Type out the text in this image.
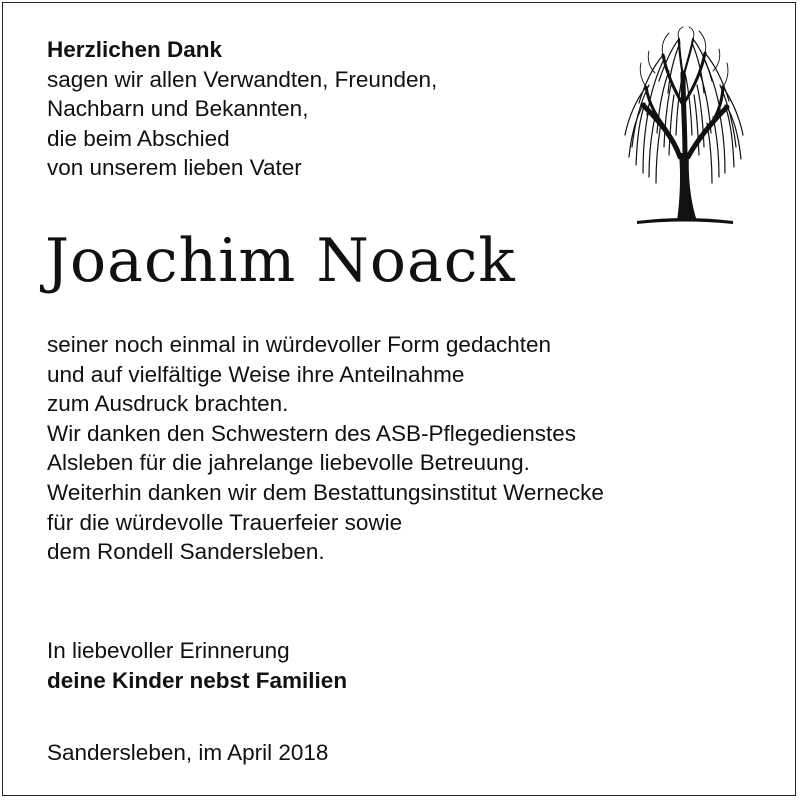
Herzlichen Dank
sagen wir allen Verwandten, Freunden,
Nachbarn und Bekannten,
die beim Abschied
von unserem lieben Vater
Joachim Noack
seiner noch einmal in würdevoller Form gedachten
und auf vielfältige Weise ihre Anteilnahme
zum Ausdruck brachten.
Wir danken den Schwestern des ASB-Pflegedienstes
Alsleben für die jahrelange liebevolle Betreuung.
Weiterhin danken wir dem Bestattungsinstitut Wernecke
für die würdevolle Trauerfeier sowie
dem Rondell Sandersleben.
In liebevoller Erinnerung
deine Kinder nebst Familien
Sandersleben, im April 2018
